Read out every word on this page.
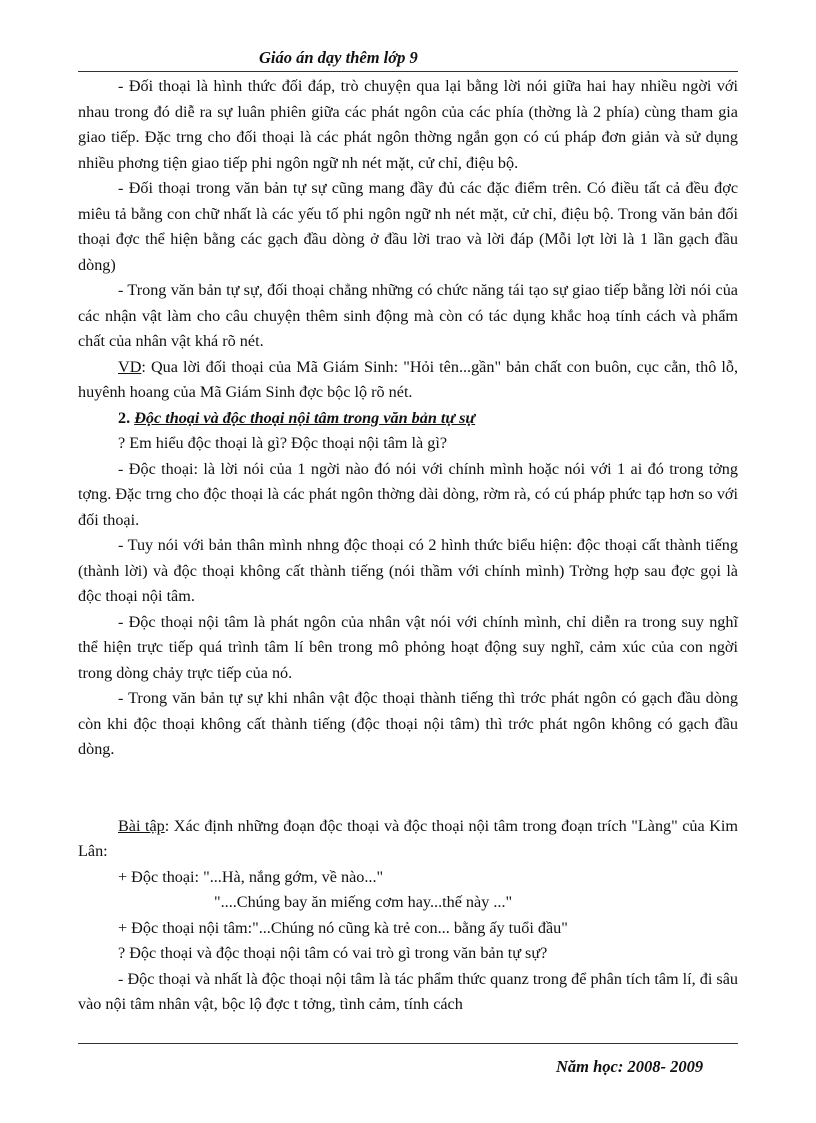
Giáo án dạy thêm lớp 9

- Đối thoại là hình thức đối đáp, trò chuyện qua lại bằng lời nói giữa hai hay nhiều ngời với nhau trong đó diễ ra sự luân phiên giữa các phát ngôn của các phía (thờng là 2 phía) cùng tham gia giao tiếp. Đặc trng cho đối thoại là các phát ngôn thờng ngắn gọn có cú pháp đơn giản và sử dụng nhiều phơng tiện giao tiếp phi ngôn ngữ nh nét mặt, cử chỉ, điệu bộ.

- Đối thoại trong văn bản tự sự cũng mang đầy đủ các đặc điểm trên. Có điều tất cả đều đợc miêu tả bằng con chữ nhất là các yếu tố phi ngôn ngữ nh nét mặt, cử chỉ, điệu bộ. Trong văn bản đối thoại đợc thể hiện bằng các gạch đầu dòng ở đầu lời trao và lời đáp (Mỗi lợt lời là 1 lần gạch đầu dòng)

- Trong văn bản tự sự, đối thoại chẳng những có chức năng tái tạo sự giao tiếp bằng lời nói của các nhận vật làm cho câu chuyện thêm sinh động mà còn có tác dụng khắc hoạ tính cách và phẩm chất của nhân vật khá rõ nét.

VD: Qua lời đối thoại của Mã Giám Sinh: "Hỏi tên...gần" bản chất con buôn, cục cằn, thô lỗ, huyênh hoang của Mã Giám Sinh đợc bộc lộ rõ nét.

2. Độc thoại và độc thoại nội tâm trong văn bản tự sự

? Em hiểu độc thoại là gì? Độc thoại nội tâm là gì?

- Độc thoại: là lời nói của 1 ngời nào đó nói với chính mình hoặc nói với 1 ai đó trong tởng tợng. Đặc trng cho độc thoại là các phát ngôn thờng dài dòng, rờm rà, có cú pháp phức tạp hơn so với đối thoại.

- Tuy nói với bản thân mình nhng độc thoại có 2 hình thức biểu hiện: độc thoại cất thành tiếng (thành lời) và độc thoại không cất thành tiếng (nói thầm với chính mình) Trờng hợp sau đợc gọi là độc thoại nội tâm.

- Độc thoại nội tâm là phát ngôn của nhân vật nói với chính mình, chỉ diễn ra trong suy nghĩ thể hiện trực tiếp quá trình tâm lí bên trong mô phỏng hoạt động suy nghĩ, cảm xúc của con ngời trong dòng chảy trực tiếp của nó.

- Trong văn bản tự sự khi nhân vật độc thoại thành tiếng thì trớc phát ngôn có gạch đầu dòng còn khi độc thoại không cất thành tiếng (độc thoại nội tâm) thì trớc phát ngôn không có gạch đầu dòng.

Bài tập: Xác định những đoạn độc thoại và độc thoại nội tâm trong đoạn trích "Làng" của Kim Lân:

+ Độc thoại: "...Hà, nắng gớm, về nào..."

"....Chúng bay ăn miếng cơm hay...thế này ..."

+ Độc thoại nội tâm:"...Chúng nó cũng kà trẻ con... bằng ấy tuổi đầu"

? Độc thoại và độc thoại nội tâm có vai trò gì trong văn bản tự sự?

- Độc thoại và nhất là độc thoại nội tâm là tác phẩm thức quanz trong để phân tích tâm lí, đi sâu vào nội tâm nhân vật, bộc lộ đợc t tởng, tình cảm, tính cách

Năm học: 2008- 2009
